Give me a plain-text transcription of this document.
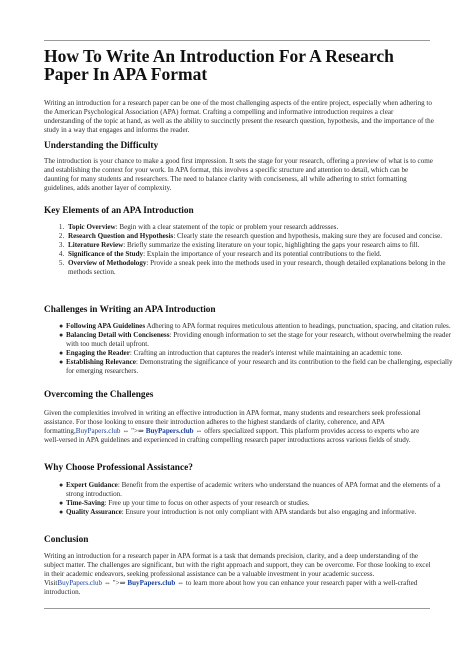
How To Write An Introduction For A Research Paper In APA Format

Writing an introduction for a research paper can be one of the most challenging aspects of the entire project, especially when adhering to the American Psychological Association (APA) format. Crafting a compelling and informative introduction requires a clear understanding of the topic at hand, as well as the ability to succinctly present the research question, hypothesis, and the importance of the study in a way that engages and informs the reader.

Understanding the Difficulty

The introduction is your chance to make a good first impression. It sets the stage for your research, offering a preview of what is to come and establishing the context for your work. In APA format, this involves a specific structure and attention to detail, which can be daunting for many students and researchers. The need to balance clarity with conciseness, all while adhering to strict formatting guidelines, adds another layer of complexity.

Key Elements of an APA Introduction
1. Topic Overview: Begin with a clear statement of the topic or problem your research addresses.
2. Research Question and Hypothesis: Clearly state the research question and hypothesis, making sure they are focused and concise.
3. Literature Review: Briefly summarize the existing literature on your topic, highlighting the gaps your research aims to fill.
4. Significance of the Study: Explain the importance of your research and its potential contributions to the field.
5. Overview of Methodology: Provide a sneak peek into the methods used in your research, though detailed explanations belong in the methods section.
Challenges in Writing an APA Introduction
● Following APA Guidelines Adhering to APA format requires meticulous attention to headings, punctuation, spacing, and citation rules.
● Balancing Detail with Conciseness: Providing enough information to set the stage for your research, without overwhelming the reader with too much detail upfront.
● Engaging the Reader: Crafting an introduction that captures the reader's interest while maintaining an academic tone.
● Establishing Relevance: Demonstrating the significance of your research and its contribution to the field can be challenging, especially for emerging researchers.
Overcoming the Challenges

Given the complexities involved in writing an effective introduction in APA format, many students and researchers seek professional assistance. For those looking to ensure their introduction adheres to the highest standards of clarity, coherence, and APA formatting,BuyPapers.club ⇔ ">⇒ BuyPapers.club ⇔ offers specialized support. This platform provides access to experts who are well-versed in APA guidelines and experienced in crafting compelling research paper introductions across various fields of study.

Why Choose Professional Assistance?
● Expert Guidance: Benefit from the expertise of academic writers who understand the nuances of APA format and the elements of a strong introduction.
● Time-Saving: Free up your time to focus on other aspects of your research or studies.
● Quality Assurance: Ensure your introduction is not only compliant with APA standards but also engaging and informative.
Conclusion

Writing an introduction for a research paper in APA format is a task that demands precision, clarity, and a deep understanding of the subject matter. The challenges are significant, but with the right approach and support, they can be overcome. For those looking to excel in their academic endeavors, seeking professional assistance can be a valuable investment in your academic success. VisitBuyPapers.club ⇔ ">⇒ BuyPapers.club ⇔ to learn more about how you can enhance your research paper with a well-crafted introduction.
